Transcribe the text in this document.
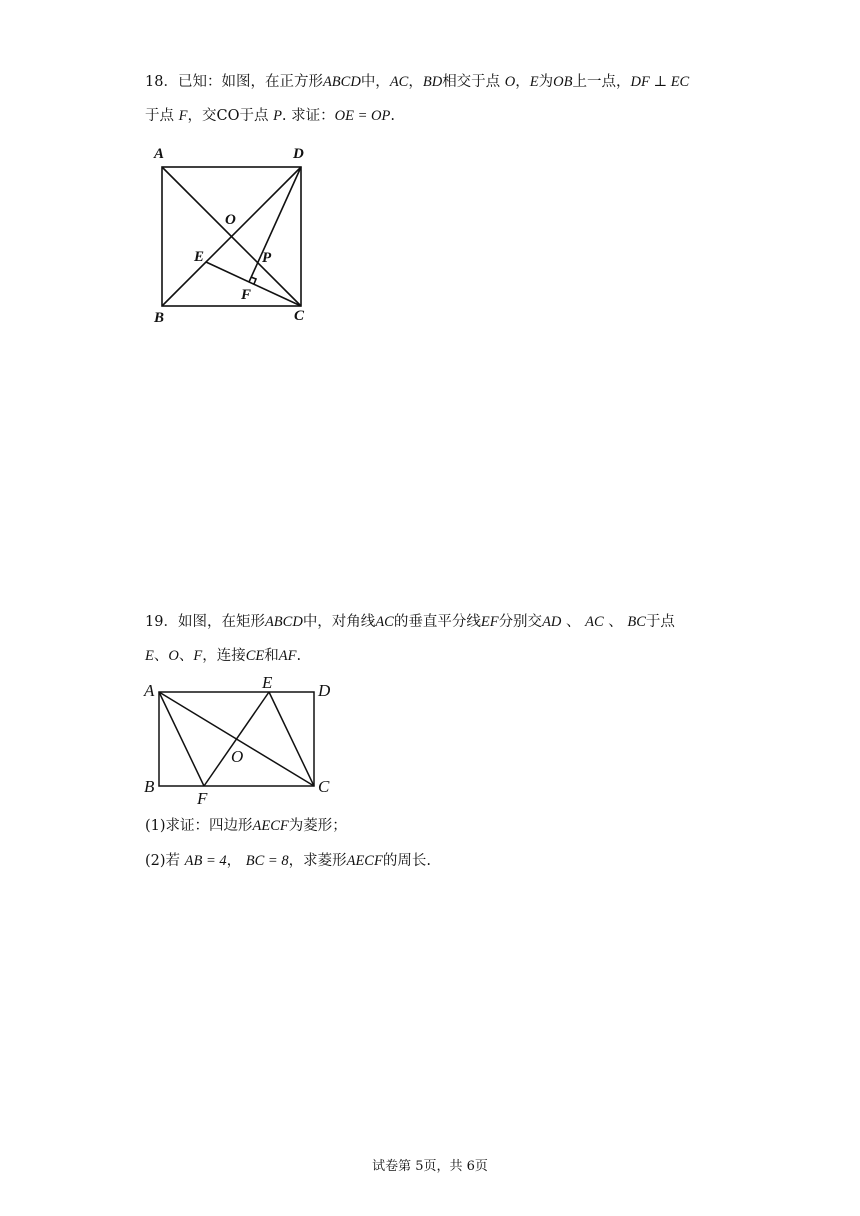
18．已知：如图，在正方形ABCD中，AC，BD相交于点 O，E为OB上一点，DF ⊥ EC

于点 F，交CO于点 P. 求证：OE = OP.

A	D
O
E	P
F
B	C

19．如图，在矩形ABCD中，对角线AC的垂直平分线EF分别交AD 、 AC 、 BC于点

E、O、F，连接CE和AF.

A	E	D
O
B
F
C
(1)求证：四边形AECF为菱形；
(2)若 AB = 4， BC = 8，求菱形AECF的周长.
试卷第 5页，共 6页
